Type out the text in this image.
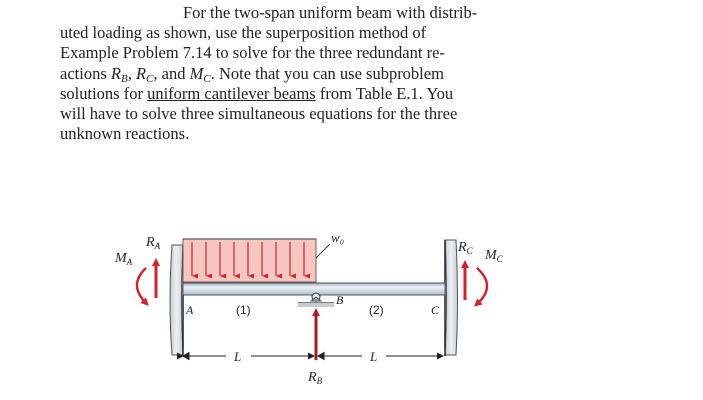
For the two-span uniform beam with distrib-
uted loading as shown, use the superposition method of
Example Problem 7.14 to solve for the three redundant re-
actions $R_B$, $R_C$, and $M_C$. Note that you can use subproblem
solutions for uniform cantilever beams from Table E.1. You
will have to solve three simultaneous equations for the three
unknown reactions.
w₀
$M_A$
$R_A$	$R_C$ $M_C$
$R_B$
A
B
C
(1)	(2)
L	L
